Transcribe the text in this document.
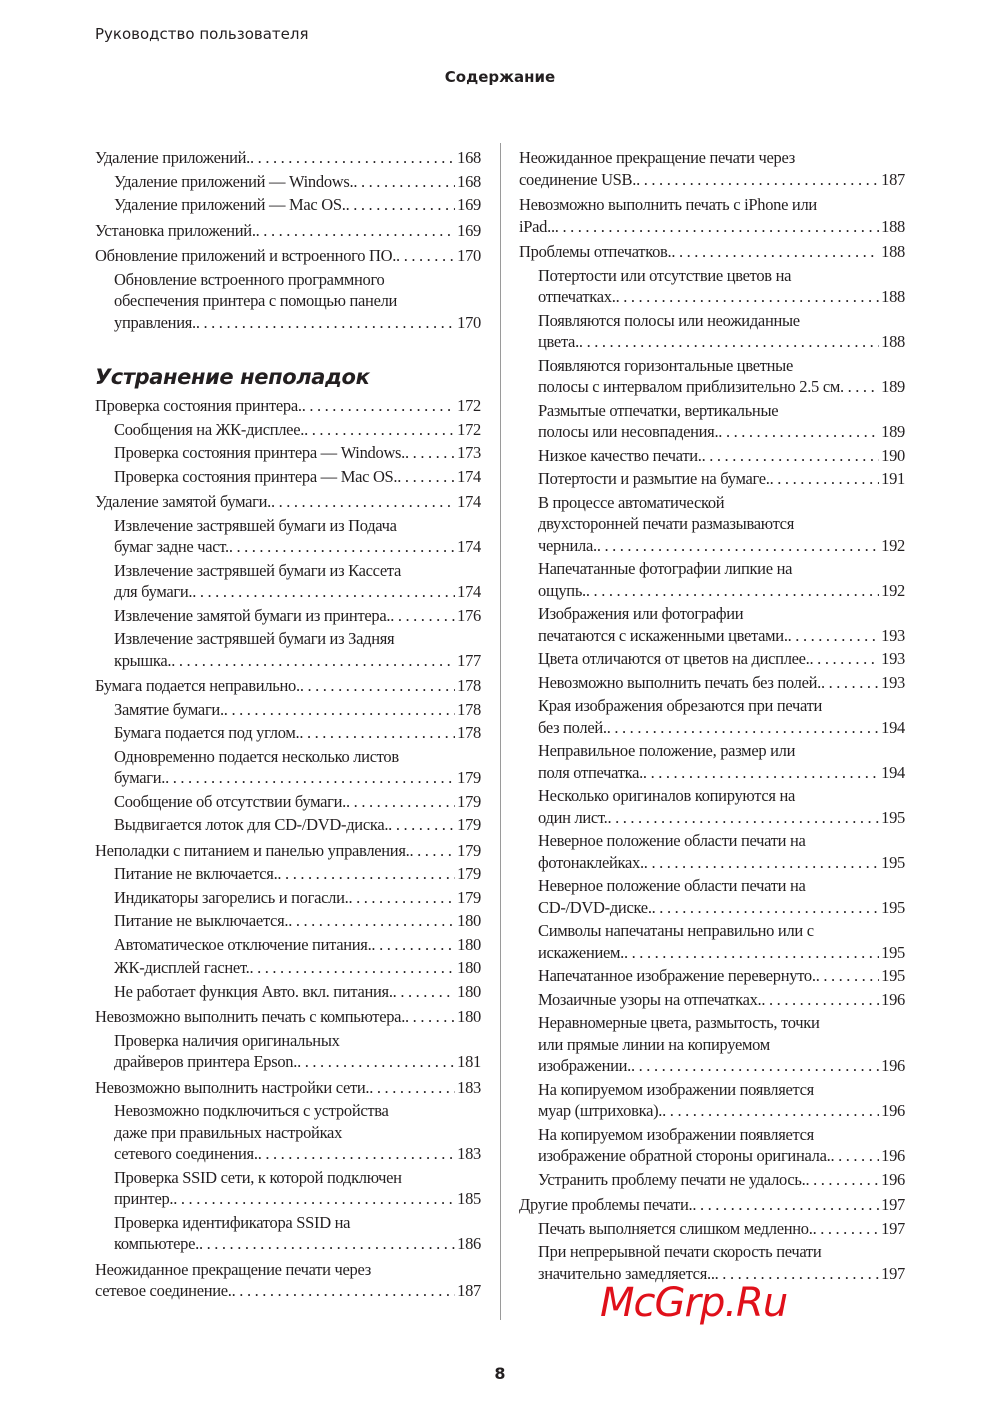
Руководство пользователя
Содержание
Удаление приложений. . . .	168
Удаление приложений — Windows. . . .	168
Удаление приложений — Mac OS. . . .	169
Установка приложений. . . .	169
Обновление приложений и встроенного ПО. . . .	170
Обновление встроенного программного
обеспечения принтера с помощью панели
управления. . . .	170
Устранение неполадок
Проверка состояния принтера. . . .	172
Сообщения на ЖК-дисплее. . . .	172
Проверка состояния принтера — Windows. . . .	173
Проверка состояния принтера — Mac OS. . . .	174
Удаление замятой бумаги. . . .	174
Извлечение застрявшей бумаги из Подача
бумаг задне част. . . .	174
Извлечение застрявшей бумаги из Кассета
для бумаги. . . .	174
Извлечение замятой бумаги из принтера. . . .	176
Извлечение застрявшей бумаги из Задняя
крышка. . . .	177
Бумага подается неправильно. . . .	178
Замятие бумаги. . . .	178
Бумага подается под углом. . . .	178
Одновременно подается несколько листов
бумаги. . . .	179
Сообщение об отсутствии бумаги. . . .	179
Выдвигается лоток для CD-/DVD-диска. . . .	179
Неполадки с питанием и панелью управления. . . .	179
Питание не включается. . . .	179
Индикаторы загорелись и погасли. . . .	179
Питание не выключается. . . .	180
Автоматическое отключение питания. . . .	180
ЖК-дисплей гаснет. . . .	180
Не работает функция Авто. вкл. питания. . . .	180
Невозможно выполнить печать с компьютера. . . .	180
Проверка наличия оригинальных
драйверов принтера Epson. . . .	181
Невозможно выполнить настройки сети. . . .	183
Невозможно подключиться с устройства
даже при правильных настройках
сетевого соединения. . . .	183
Проверка SSID сети, к которой подключен
принтер. . . .	185
Проверка идентификатора SSID на
компьютере. . . .	186
Неожиданное прекращение печати через
сетевое соединение. . . .	187
Неожиданное прекращение печати через
соединение USB. . . .	187
Невозможно выполнить печать с iPhone или
iPad.. . . .	188
Проблемы отпечатков. . . .	188
Потертости или отсутствие цветов на
отпечатках. . . .	188
Появляются полосы или неожиданные
цвета. . . .	188
Появляются горизонтальные цветные
полосы с интервалом приблизительно 2.5 см . . . 189
Размытые отпечатки, вертикальные
полосы или несовпадения. . . .	189
Низкое качество печати. . . .	190
Потертости и размытие на бумаге. . . .	191
В процессе автоматической
двухсторонней печати размазываются
чернила. . . .	192
Напечатанные фотографии липкие на
ощупь. . . .	192
Изображения или фотографии
печатаются с искаженными цветами. . . .	193
Цвета отличаются от цветов на дисплее. . . .	193
Невозможно выполнить печать без полей. . . .	193
Края изображения обрезаются при печати
без полей. . . .	194
Неправильное положение, размер или
поля отпечатка. . . .	194
Несколько оригиналов копируются на
один лист. . . .	195
Неверное положение области печати на
фотонаклейках. . . .	195
Неверное положение области печати на
CD-/DVD-диске. . . .	195
Символы напечатаны неправильно или с
искажением. . . .	195
Напечатанное изображение перевернуто. . . .	195
Мозаичные узоры на отпечатках. . . .	196
Неравномерные цвета, размытость, точки
или прямые линии на копируемом
изображении. . . .	196
На копируемом изображении появляется
муар (штриховка). . . .	196
На копируемом изображении появляется
изображение обратной стороны оригинала. . . .	196
Устранить проблему печати не удалось. . . .	196
Другие проблемы печати. . . .	197
Печать выполняется слишком медленно. . . .	197
При непрерывной печати скорость печати
значительно замедляется.. . . .	197
McGrp.Ru
8
